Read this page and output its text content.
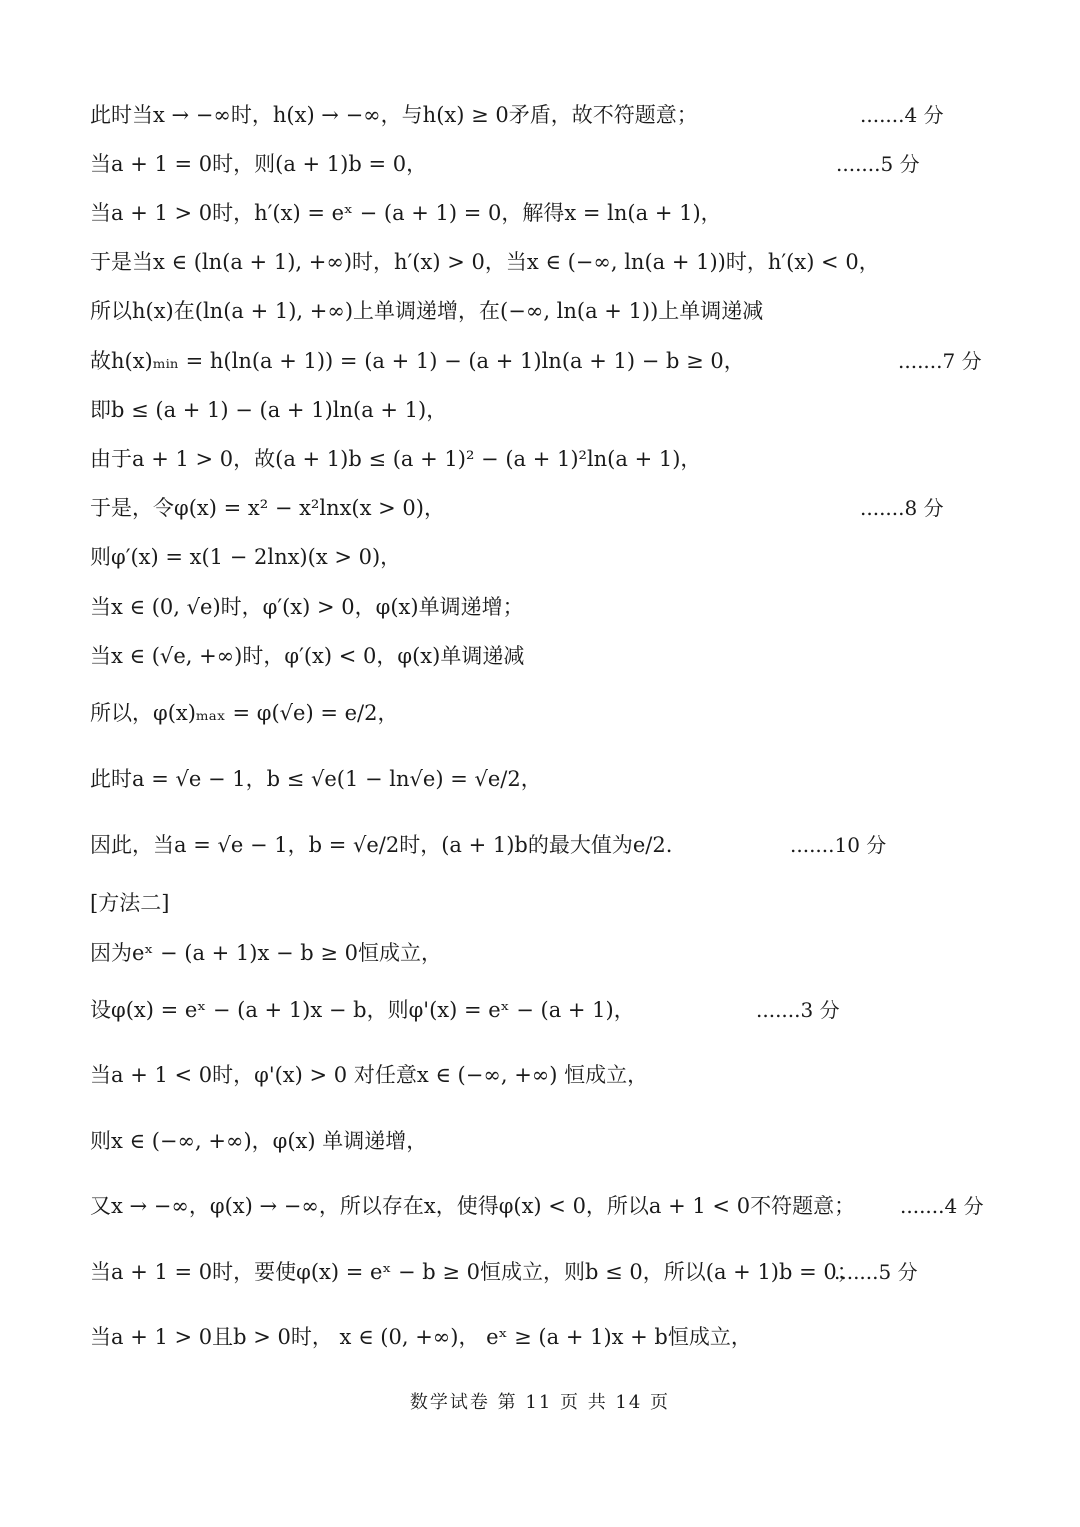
此时当x → −∞时，h(x) → −∞，与h(x) ≥ 0矛盾，故不符题意；	.......4 分
当a + 1 = 0时，则(a + 1)b = 0，	.......5 分
当a + 1 > 0时，h′(x) = eˣ − (a + 1) = 0，解得x = ln(a + 1)，
于是当x ∈ (ln(a + 1), +∞)时，h′(x) > 0，当x ∈ (−∞, ln(a + 1))时，h′(x) < 0，
所以h(x)在(ln(a + 1), +∞)上单调递增，在(−∞, ln(a + 1))上单调递减
故h(x)ₘᵢₙ = h(ln(a + 1)) = (a + 1) − (a + 1)ln(a + 1) − b ≥ 0，	.......7 分
即b ≤ (a + 1) − (a + 1)ln(a + 1)，
由于a + 1 > 0，故(a + 1)b ≤ (a + 1)² − (a + 1)²ln(a + 1)，
于是，令φ(x) = x² − x²lnx(x > 0)，	.......8 分
则φ′(x) = x(1 − 2lnx)(x > 0)，
当x ∈ (0, √e)时，φ′(x) > 0，φ(x)单调递增；
当x ∈ (√e, +∞)时，φ′(x) < 0，φ(x)单调递减
所以，φ(x)ₘₐₓ = φ(√e) = e/2，
此时a = √e − 1，b ≤ √e(1 − ln√e) = √e/2，
因此，当a = √e − 1，b = √e/2时，(a + 1)b的最大值为e/2.	.......10 分
[方法二]
因为eˣ − (a + 1)x − b ≥ 0恒成立，
设φ(x) = eˣ − (a + 1)x − b，则φ'(x) = eˣ − (a + 1)，	.......3 分
当a + 1 < 0时，φ'(x) > 0 对任意x ∈ (−∞, +∞) 恒成立，
则x ∈ (−∞, +∞)，φ(x) 单调递增，
又x → −∞，φ(x) → −∞，所以存在x，使得φ(x) < 0，所以a + 1 < 0不符题意； .......4 分
当a + 1 = 0时，要使φ(x) = eˣ − b ≥ 0恒成立，则b ≤ 0，所以(a + 1)b = 0；
.......5 分
当a + 1 > 0且b > 0时， x ∈ (0, +∞)， eˣ ≥ (a + 1)x + b恒成立，
数学试卷 第 11 页 共 14 页
